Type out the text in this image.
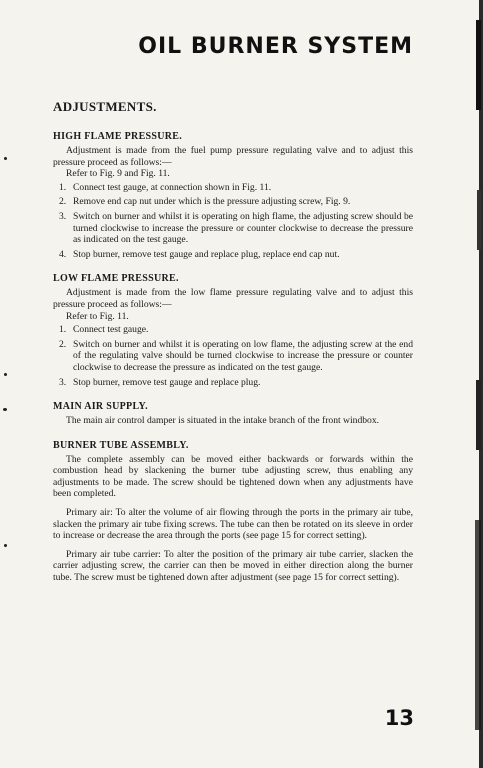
OIL BURNER SYSTEM
ADJUSTMENTS.
HIGH FLAME PRESSURE.

Adjustment is made from the fuel pump pressure regulating valve and to adjust this pressure proceed as follows:—

Refer to Fig. 9 and Fig. 11.

1. Connect test gauge, at connection shown in Fig. 11.
2. Remove end cap nut under which is the pressure adjusting screw, Fig. 9.
3. Switch on burner and whilst it is operating on high flame, the adjusting screw should be turned clockwise to increase the pressure or counter clockwise to decrease the pressure as indicated on the test gauge.
4. Stop burner, remove test gauge and replace plug, replace end cap nut.
LOW FLAME PRESSURE.

Adjustment is made from the low flame pressure regulating valve and to adjust this pressure proceed as follows:—

Refer to Fig. 11.

1. Connect test gauge.
2. Switch on burner and whilst it is operating on low flame, the adjusting screw at the end of the regulating valve should be turned clockwise to increase the pressure or counter clockwise to decrease the pressure as indicated on the test gauge.
3. Stop burner, remove test gauge and replace plug.
MAIN AIR SUPPLY.

The main air control damper is situated in the intake branch of the front windbox.

BURNER TUBE ASSEMBLY.

The complete assembly can be moved either backwards or forwards within the combustion head by slackening the burner tube adjusting screw, thus enabling any adjustments to be made. The screw should be tightened down when any adjustments have been completed.

Primary air: To alter the volume of air flowing through the ports in the primary air tube, slacken the primary air tube fixing screws. The tube can then be rotated on its sleeve in order to increase or decrease the area through the ports (see page 15 for correct setting).

Primary air tube carrier: To alter the position of the primary air tube carrier, slacken the carrier adjusting screw, the carrier can then be moved in either direction along the burner tube. The screw must be tightened down after adjustment (see page 15 for correct setting).

13
